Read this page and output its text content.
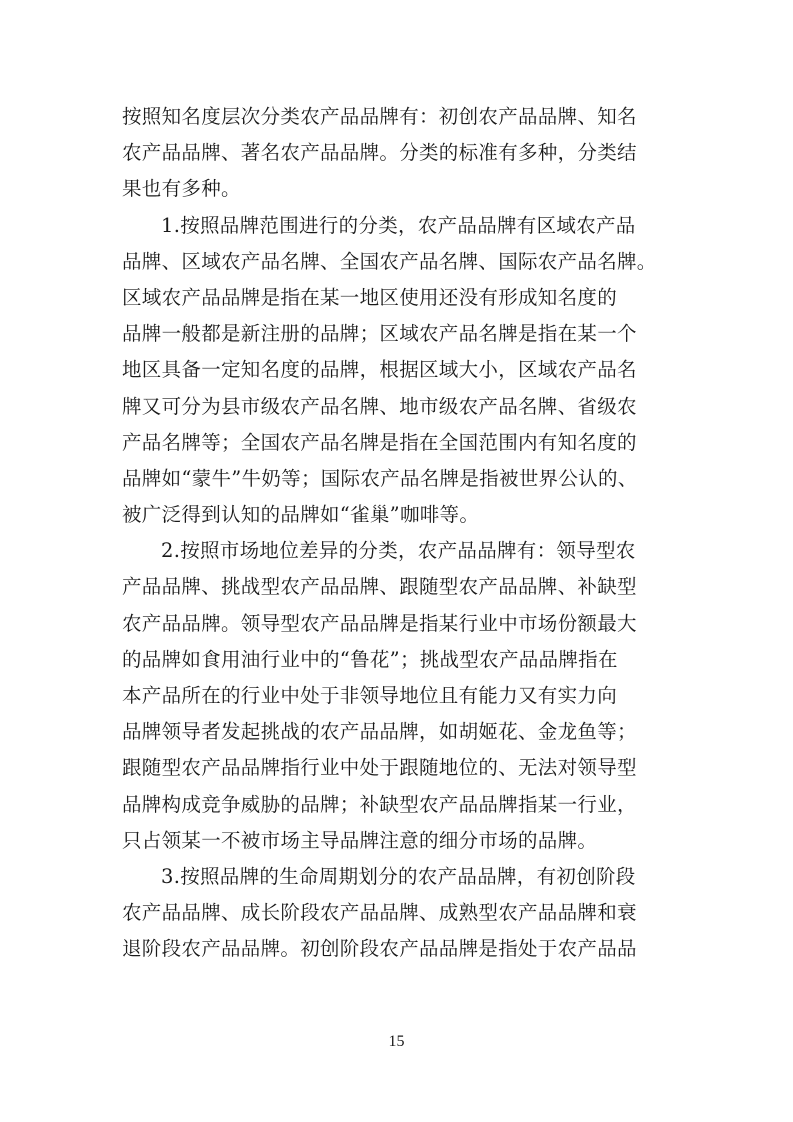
按照知名度层次分类农产品品牌有：初创农产品品牌、知名
农产品品牌、著名农产品品牌。分类的标准有多种，分类结
果也有多种。
1.按照品牌范围进行的分类，农产品品牌有区域农产品
品牌、区域农产品名牌、全国农产品名牌、国际农产品名牌。
区域农产品品牌是指在某一地区使用还没有形成知名度的
品牌一般都是新注册的品牌；区域农产品名牌是指在某一个
地区具备一定知名度的品牌，根据区域大小，区域农产品名
牌又可分为县市级农产品名牌、地市级农产品名牌、省级农
产品名牌等；全国农产品名牌是指在全国范围内有知名度的
品牌如“蒙牛”牛奶等；国际农产品名牌是指被世界公认的、
被广泛得到认知的品牌如“雀巢”咖啡等。
2.按照市场地位差异的分类，农产品品牌有：领导型农
产品品牌、挑战型农产品品牌、跟随型农产品品牌、补缺型
农产品品牌。领导型农产品品牌是指某行业中市场份额最大
的品牌如食用油行业中的“鲁花”；挑战型农产品品牌指在
本产品所在的行业中处于非领导地位且有能力又有实力向
品牌领导者发起挑战的农产品品牌，如胡姬花、金龙鱼等；
跟随型农产品品牌指行业中处于跟随地位的、无法对领导型
品牌构成竞争威胁的品牌；补缺型农产品品牌指某一行业，
只占领某一不被市场主导品牌注意的细分市场的品牌。
3.按照品牌的生命周期划分的农产品品牌，有初创阶段
农产品品牌、成长阶段农产品品牌、成熟型农产品品牌和衰
退阶段农产品品牌。初创阶段农产品品牌是指处于农产品品
15
